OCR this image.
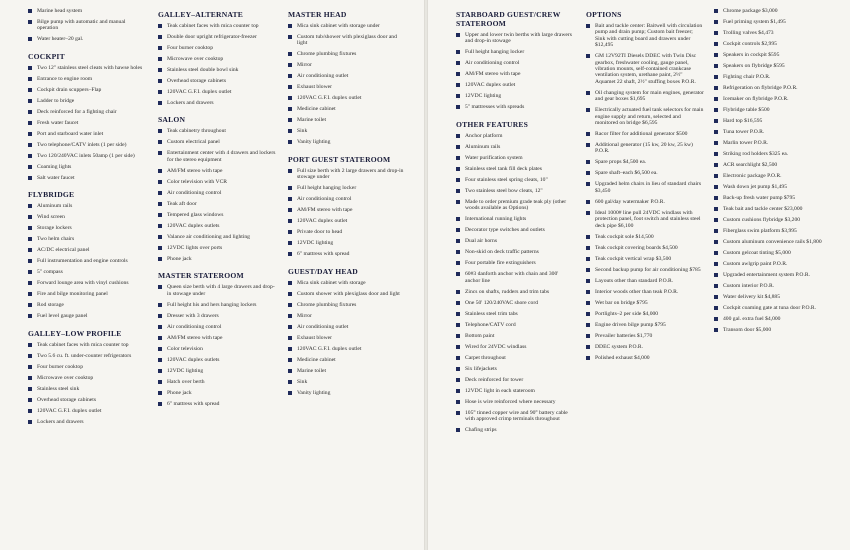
Marine head system
Bilge pump with automatic and manual operation
Water heater–20 gal.
COCKPIT
Two 12" stainless steel cleats with hawse holes
Entrance to engine room
Cockpit drain scuppers–Flap
Ladder to bridge
Deck reinforced for a fighting chair
Fresh water faucet
Port and starboard water inlet
Two telephone/CATV inlets (1 per side)
Two 120/240VAC inlets 50amp (1 per side)
Coaming lights
Salt water faucet
FLYBRIDGE
Aluminum rails
Wind screen
Storage lockers
Two helm chairs
AC/DC electrical panel
Full instrumentation and engine controls
5" compass
Forward lounge area with vinyl cushions
Fire and bilge monitoring panel
Rod storage
Fuel level gauge panel
GALLEY–LOW PROFILE
Teak cabinet faces with mica counter top
Two 5.6 cu. ft. under-counter refrigerators
Four burner cooktop
Microwave over cooktop
Stainless steel sink
Overhead storage cabinets
120VAC G.F.I. duplex outlet
Lockers and drawers
GALLEY–ALTERNATE
Teak cabinet faces with mica counter top
Double door upright refrigerator-freezer
Four burner cooktop
Microwave over cooktop
Stainless steel double bowl sink
Overhead storage cabinets
120VAC G.F.I. duplex outlet
Lockers and drawers
SALON
Teak cabinetry throughout
Custom electrical panel
Entertainment center with 4 drawers and lockers for the stereo equipment
AM/FM stereo with tape
Color television with VCR
Air conditioning control
Teak aft door
Tempered glass windows
120VAC duplex outlets
Valance air conditioning and lighting
12VDC lights over ports
Phone jack
MASTER STATEROOM
Queen size berth with 4 large drawers and drop-in stowage under
Full height his and hers hanging lockers
Dresser with 3 drawers
Air conditioning control
AM/FM stereo with tape
Color television
120VAC duplex outlets
12VDC lighting
Hatch over berth
Phone jack
6" mattress with spread
MASTER HEAD
Mica sink cabinet with storage under
Custom tub/shower with plexiglass door and light
Chrome plumbing fixtures
Mirror
Air conditioning outlet
Exhaust blower
120VAC G.F.I. duplex outlet
Medicine cabinet
Marine toilet
Sink
Vanity lighting
PORT GUEST STATEROOM
Full size berth with 2 large drawers and drop-in stowage under
Full height hanging locker
Air conditioning control
AM/FM stereo with tape
120VAC duplex outlet
Private door to head
12VDC lighting
6" mattress with spread
GUEST/DAY HEAD
Mica sink cabinet with storage
Custom shower with plexiglass door and light
Chrome plumbing fixtures
Mirror
Air conditioning outlet
Exhaust blower
120VAC G.F.I. duplex outlet
Medicine cabinet
Marine toilet
Sink
Vanity lighting
STARBOARD GUEST/CREW STATEROOM
Upper and lower twin berths with large drawers and drop-in stowage
Full height hanging locker
Air conditioning control
AM/FM stereo with tape
120VAC duplex outlet
12VDC lighting
5" mattresses with spreads
OTHER FEATURES
Anchor platform
Aluminum rails
Water purification system
Stainless steel tank fill deck plates
Four stainless steel spring cleats, 10"
Two stainless steel bow cleats, 12"
Made to order premium grade teak ply (other woods available as Options)
International running lights
Decorator type switches and outlets
Dual air horns
Non-skid on deck traffic patterns
Four portable fire extinguishers
60#3 danforth anchor with chain and 300' anchor line
Zincs on shafts, rudders and trim tabs
One 50' 120/240VAC shore cord
Stainless steel trim tabs
Telephone/CATV cord
Bottom paint
Wired for 24VDC windlass
Carpet throughout
Six lifejackets
Deck reinforced for tower
12VDC light in each stateroom
Hose is wire reinforced where necessary
105° tinned copper wire and 90° battery cable with approved crimp terminals throughout
Chafing strips
OPTIONS
Bait and tackle center: Baitwell with circulation pump and drain pump; Custom bait freezer; Sink with cutting board and drawers under $12,495
GM 12V92TI Diesels DDEC with Twin Disc gearbox, freshwater cooling, gauge panel, vibration mounts, self-contained crankcase ventilation system, urethane paint, 2½" Aquamet 22 shaft, 2½" stuffing boxes P.O.R.
Oil changing system for main engines, generator and gear boxes $1,695
Electrically actuated fuel tank selectors for main engine supply and return, selected and monitored on bridge $6,595
Racor filter for additional generator $500
Additional generator (15 kw, 20 kw, 25 kw) P.O.R.
Spare props $4,500 ea.
Spare shaft–each $6,500 ea.
Upgraded helm chairs in lieu of standard chairs $3,450
600 gal/day watermaker P.O.R.
Ideal 1000# line pull 24VDC windlass with protection panel, foot switch and stainless steel deck pipe $6,100
Teak cockpit sole $14,500
Teak cockpit covering boards $4,500
Teak cockpit vertical wrap $3,500
Second backup pump for air conditioning $785
Layouts other than standard P.O.R.
Interior woods other than teak P.O.R.
Wet bar on bridge $795
Portlights–2 per side $4,000
Engine driven bilge pump $795
Prevailer batteries $1,770
DDEC system P.O.R.
Polished exhaust $4,000
Chrome package $3,000
Fuel priming system $1,495
Trolling valves $4,473
Cockpit controls $2,995
Speakers in cockpit $595
Speakers on flybridge $595
Fighting chair P.O.R.
Refrigeration on flybridge P.O.R.
Icemaker on flybridge P.O.R.
Flybridge table $500
Hard top $16,595
Tuna tower P.O.R.
Marlin tower P.O.R.
Striking rod holders $325 ea.
ACR searchlight $2,500
Electronic package P.O.R.
Wash down jet pump $1,495
Back-up fresh water pump $795
Teak bait and tackle center $23,000
Custom cushions flybridge $3,200
Fiberglass swim platform $3,995
Custom aluminum convenience rails $1,800
Custom gelcoat tinting $5,000
Custom awlgrip paint P.O.R.
Upgraded entertainment system P.O.R.
Custom interior P.O.R.
Water delivery kit $4,885
Cockpit coaming gate at tuna door P.O.R.
400 gal. extra fuel $4,000
Transom door $5,000
